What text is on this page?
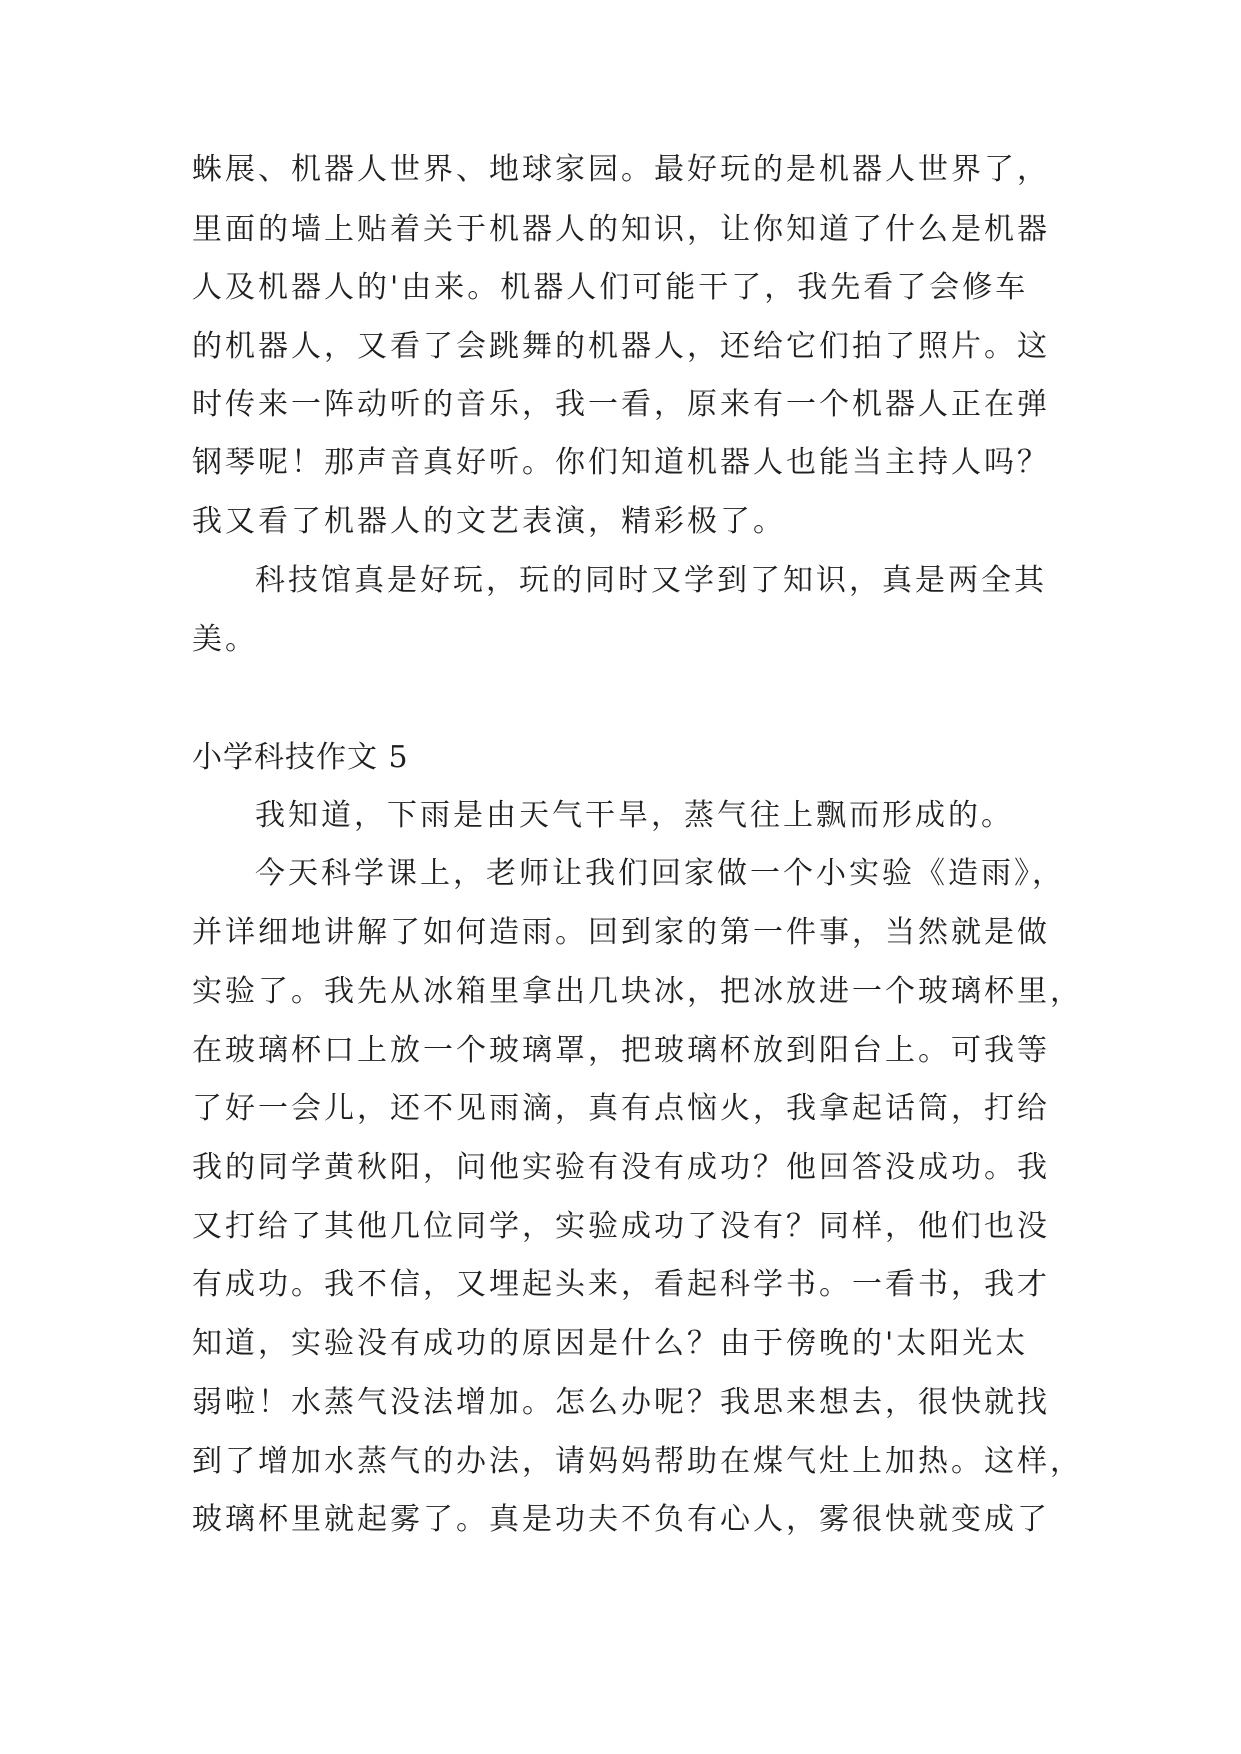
蛛展、机器人世界、地球家园。最好玩的是机器人世界了，
里面的墙上贴着关于机器人的知识，让你知道了什么是机器
人及机器人的'由来。机器人们可能干了，我先看了会修车
的机器人，又看了会跳舞的机器人，还给它们拍了照片。这
时传来一阵动听的音乐，我一看，原来有一个机器人正在弹
钢琴呢！那声音真好听。你们知道机器人也能当主持人吗？
我又看了机器人的文艺表演，精彩极了。
科技馆真是好玩，玩的同时又学到了知识，真是两全其
美。
小学科技作文 5
我知道，下雨是由天气干旱，蒸气往上飘而形成的。
今天科学课上，老师让我们回家做一个小实验《造雨》，
并详细地讲解了如何造雨。回到家的第一件事，当然就是做
实验了。我先从冰箱里拿出几块冰，把冰放进一个玻璃杯里，
在玻璃杯口上放一个玻璃罩，把玻璃杯放到阳台上。可我等
了好一会儿，还不见雨滴，真有点恼火，我拿起话筒，打给
我的同学黄秋阳，问他实验有没有成功？他回答没成功。我
又打给了其他几位同学，实验成功了没有？同样，他们也没
有成功。我不信，又埋起头来，看起科学书。一看书，我才
知道，实验没有成功的原因是什么？由于傍晚的'太阳光太
弱啦！水蒸气没法增加。怎么办呢？我思来想去，很快就找
到了增加水蒸气的办法，请妈妈帮助在煤气灶上加热。这样，
玻璃杯里就起雾了。真是功夫不负有心人，雾很快就变成了
